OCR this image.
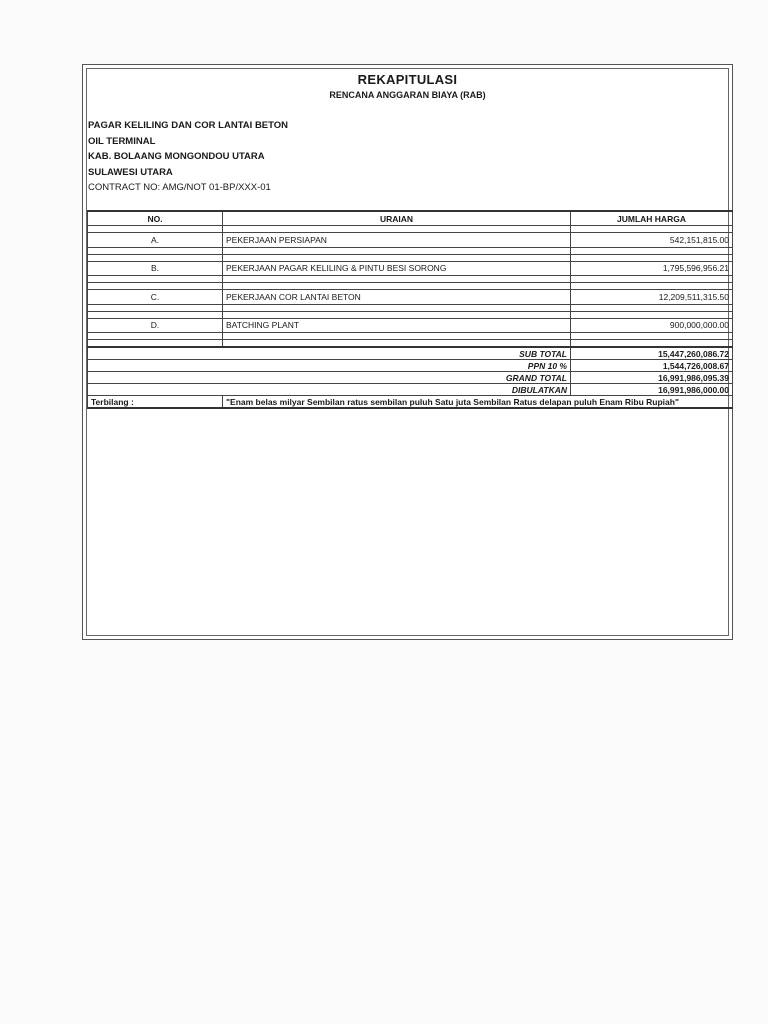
REKAPITULASI
RENCANA ANGGARAN BIAYA (RAB)
PAGAR KELILING DAN COR LANTAI BETON
OIL TERMINAL
KAB. BOLAANG MONGONDOU UTARA
SULAWESI UTARA
CONTRACT NO: AMG/NOT 01-BP/XXX-01
NO.	URAIAN	JUMLAH HARGA

A.	PEKERJAAN PERSIAPAN	542,151,815.00

B.	PEKERJAAN PAGAR KELILING & PINTU BESI SORONG	1,795,596,956.21

C.	PEKERJAAN COR LANTAI BETON	12,209,511,315.50

D.	BATCHING PLANT	900,000,000.00

SUB TOTAL		15,447,260,086.72
PPN 10 %		1,544,726,008.67
GRAND TOTAL		16,991,986,095.39
DIBULATKAN		16,991,986,000.00
Terbilang :	"Enam belas milyar Sembilan ratus sembilan puluh Satu juta Sembilan Ratus delapan puluh Enam Ribu Rupiah"	
